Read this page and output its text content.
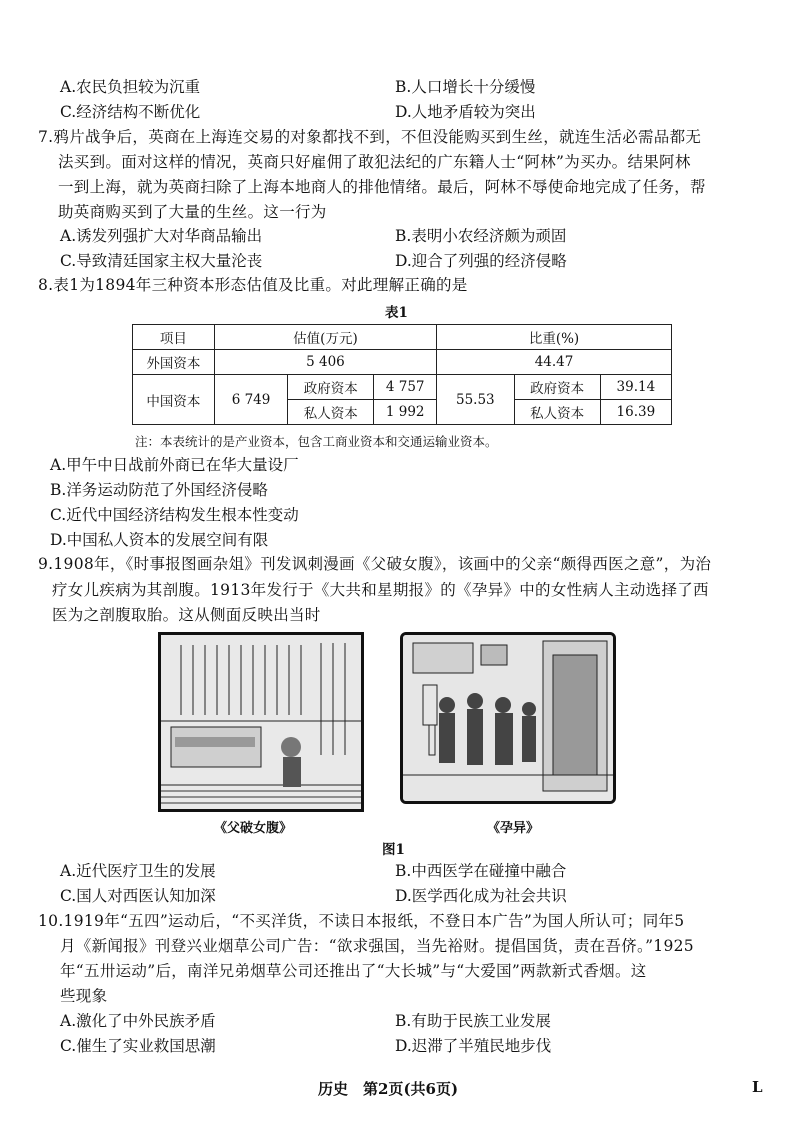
A.农民负担较为沉重	B.人口增长十分缓慢
C.经济结构不断优化	D.人地矛盾较为突出
7.鸦片战争后，英商在上海连交易的对象都找不到，不但没能购买到生丝，就连生活必需品都无
法买到。面对这样的情况，英商只好雇佣了敢犯法纪的广东籍人士“阿林”为买办。结果阿林
一到上海，就为英商扫除了上海本地商人的排他情绪。最后，阿林不辱使命地完成了任务，帮
助英商购买到了大量的生丝。这一行为
A.诱发列强扩大对华商品输出	B.表明小农经济颇为顽固
C.导致清廷国家主权大量沦丧	D.迎合了列强的经济侵略
8.表1为1894年三种资本形态估值及比重。对此理解正确的是
表1
项目	估值(万元)			比重(%)		
外国资本	5 406			44.47		
中国资本	6 749	政府资本	4 757	55.53	政府资本	39.14
		私人资本	1 992		私人资本	16.39
注：本表统计的是产业资本，包含工商业资本和交通运输业资本。
A.甲午中日战前外商已在华大量设厂
B.洋务运动防范了外国经济侵略
C.近代中国经济结构发生根本性变动
D.中国私人资本的发展空间有限
9.1908年，《时事报图画杂俎》刊发讽刺漫画《父破女腹》，该画中的父亲“颇得西医之意”，为治
疗女儿疾病为其剖腹。1913年发行于《大共和星期报》的《孕异》中的女性病人主动选择了西
医为之剖腹取胎。这从侧面反映出当时
《父破女腹》	《孕异》
图1
A.近代医疗卫生的发展	B.中西医学在碰撞中融合
C.国人对西医认知加深	D.医学西化成为社会共识
10.1919年“五四”运动后，“不买洋货，不读日本报纸，不登日本广告”为国人所认可；同年5
月《新闻报》刊登兴业烟草公司广告：“欲求强国，当先裕财。提倡国货，责在吾侪。”1925
年“五卅运动”后，南洋兄弟烟草公司还推出了“大长城”与“大爱国”两款新式香烟。这
些现象
A.激化了中外民族矛盾	B.有助于民族工业发展
C.催生了实业救国思潮	D.迟滞了半殖民地步伐
历史　第2页(共6页)	L
